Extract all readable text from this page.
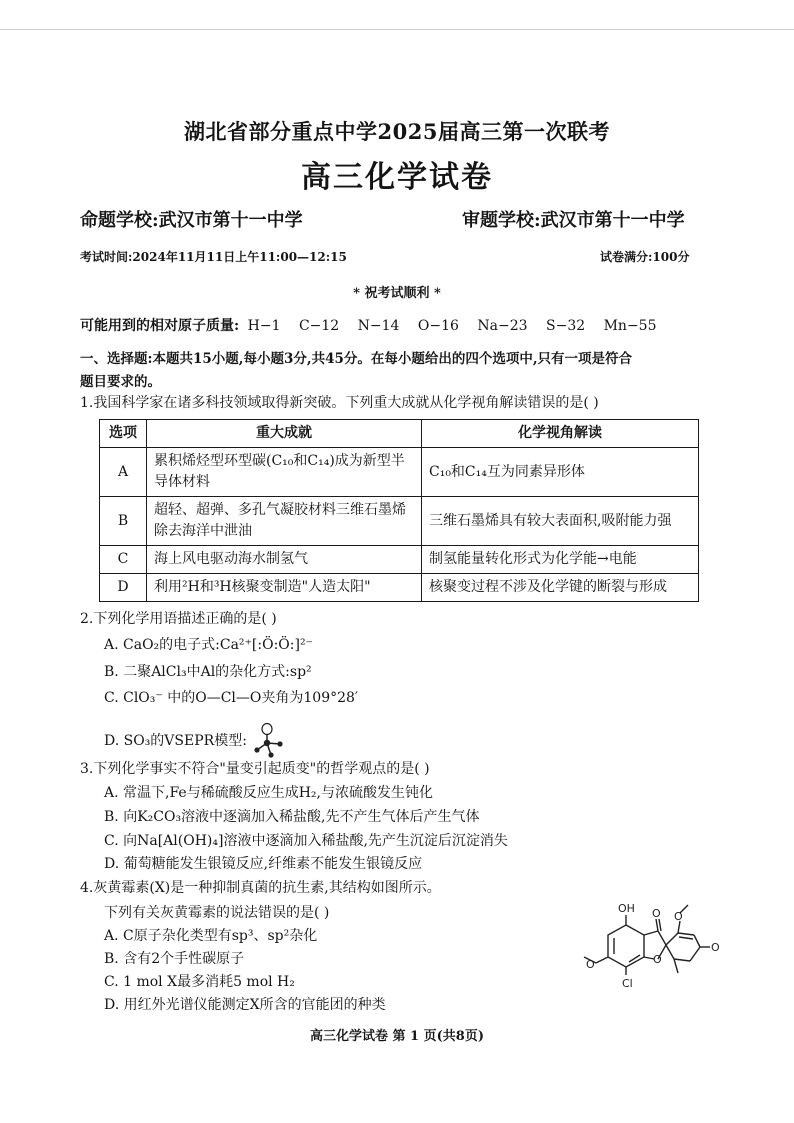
湖北省部分重点中学2025届高三第一次联考
高三化学试卷
命题学校:武汉市第十一中学	审题学校:武汉市第十一中学
考试时间:2024年11月11日上午11:00—12:15	试卷满分:100分
* 祝考试顺利 *
可能用到的相对原子质量: H−1 C−12 N−14 O−16 Na−23 S−32 Mn−55
一、选择题:本题共15小题,每小题3分,共45分。在每小题给出的四个选项中,只有一项是符合
题目要求的。
1.我国科学家在诸多科技领域取得新突破。下列重大成就从化学视角解读错误的是( )
选项	重大成就	化学视角解读
A	累积烯烃型环型碳(C₁₀和C₁₄)成为新型半导体材料	C₁₀和C₁₄互为同素异形体
B	超轻、超弹、多孔气凝胶材料三维石墨烯除去海洋中泄油	三维石墨烯具有较大表面积,吸附能力强
C	海上风电驱动海水制氢气	制氢能量转化形式为化学能→电能
D	利用²H和³H核聚变制造"人造太阳"	核聚变过程不涉及化学键的断裂与形成
2.下列化学用语描述正确的是( )
A. CaO₂的电子式:Ca²⁺[:Ö:Ö:]²⁻
B. 二聚AlCl₃中Al的杂化方式:sp²
C. ClO₃⁻ 中的O—Cl—O夹角为109°28′
D. SO₃的VSEPR模型:
3.下列化学事实不符合"量变引起质变"的哲学观点的是( )
A. 常温下,Fe与稀硫酸反应生成H₂,与浓硫酸发生钝化
B. 向K₂CO₃溶液中逐滴加入稀盐酸,先不产生气体后产生气体
C. 向Na[Al(OH)₄]溶液中逐滴加入稀盐酸,先产生沉淀后沉淀消失
D. 葡萄糖能发生银镜反应,纤维素不能发生银镜反应
4.灰黄霉素(X)是一种抑制真菌的抗生素,其结构如图所示。
下列有关灰黄霉素的说法错误的是( )
A. C原子杂化类型有sp³、sp²杂化
B. 含有2个手性碳原子
C. 1 mol X最多消耗5 mol H₂
D. 用红外光谱仪能测定X所含的官能团的种类
OH
Cl
O O
O
O
O
高三化学试卷 第 1 页(共8页)
